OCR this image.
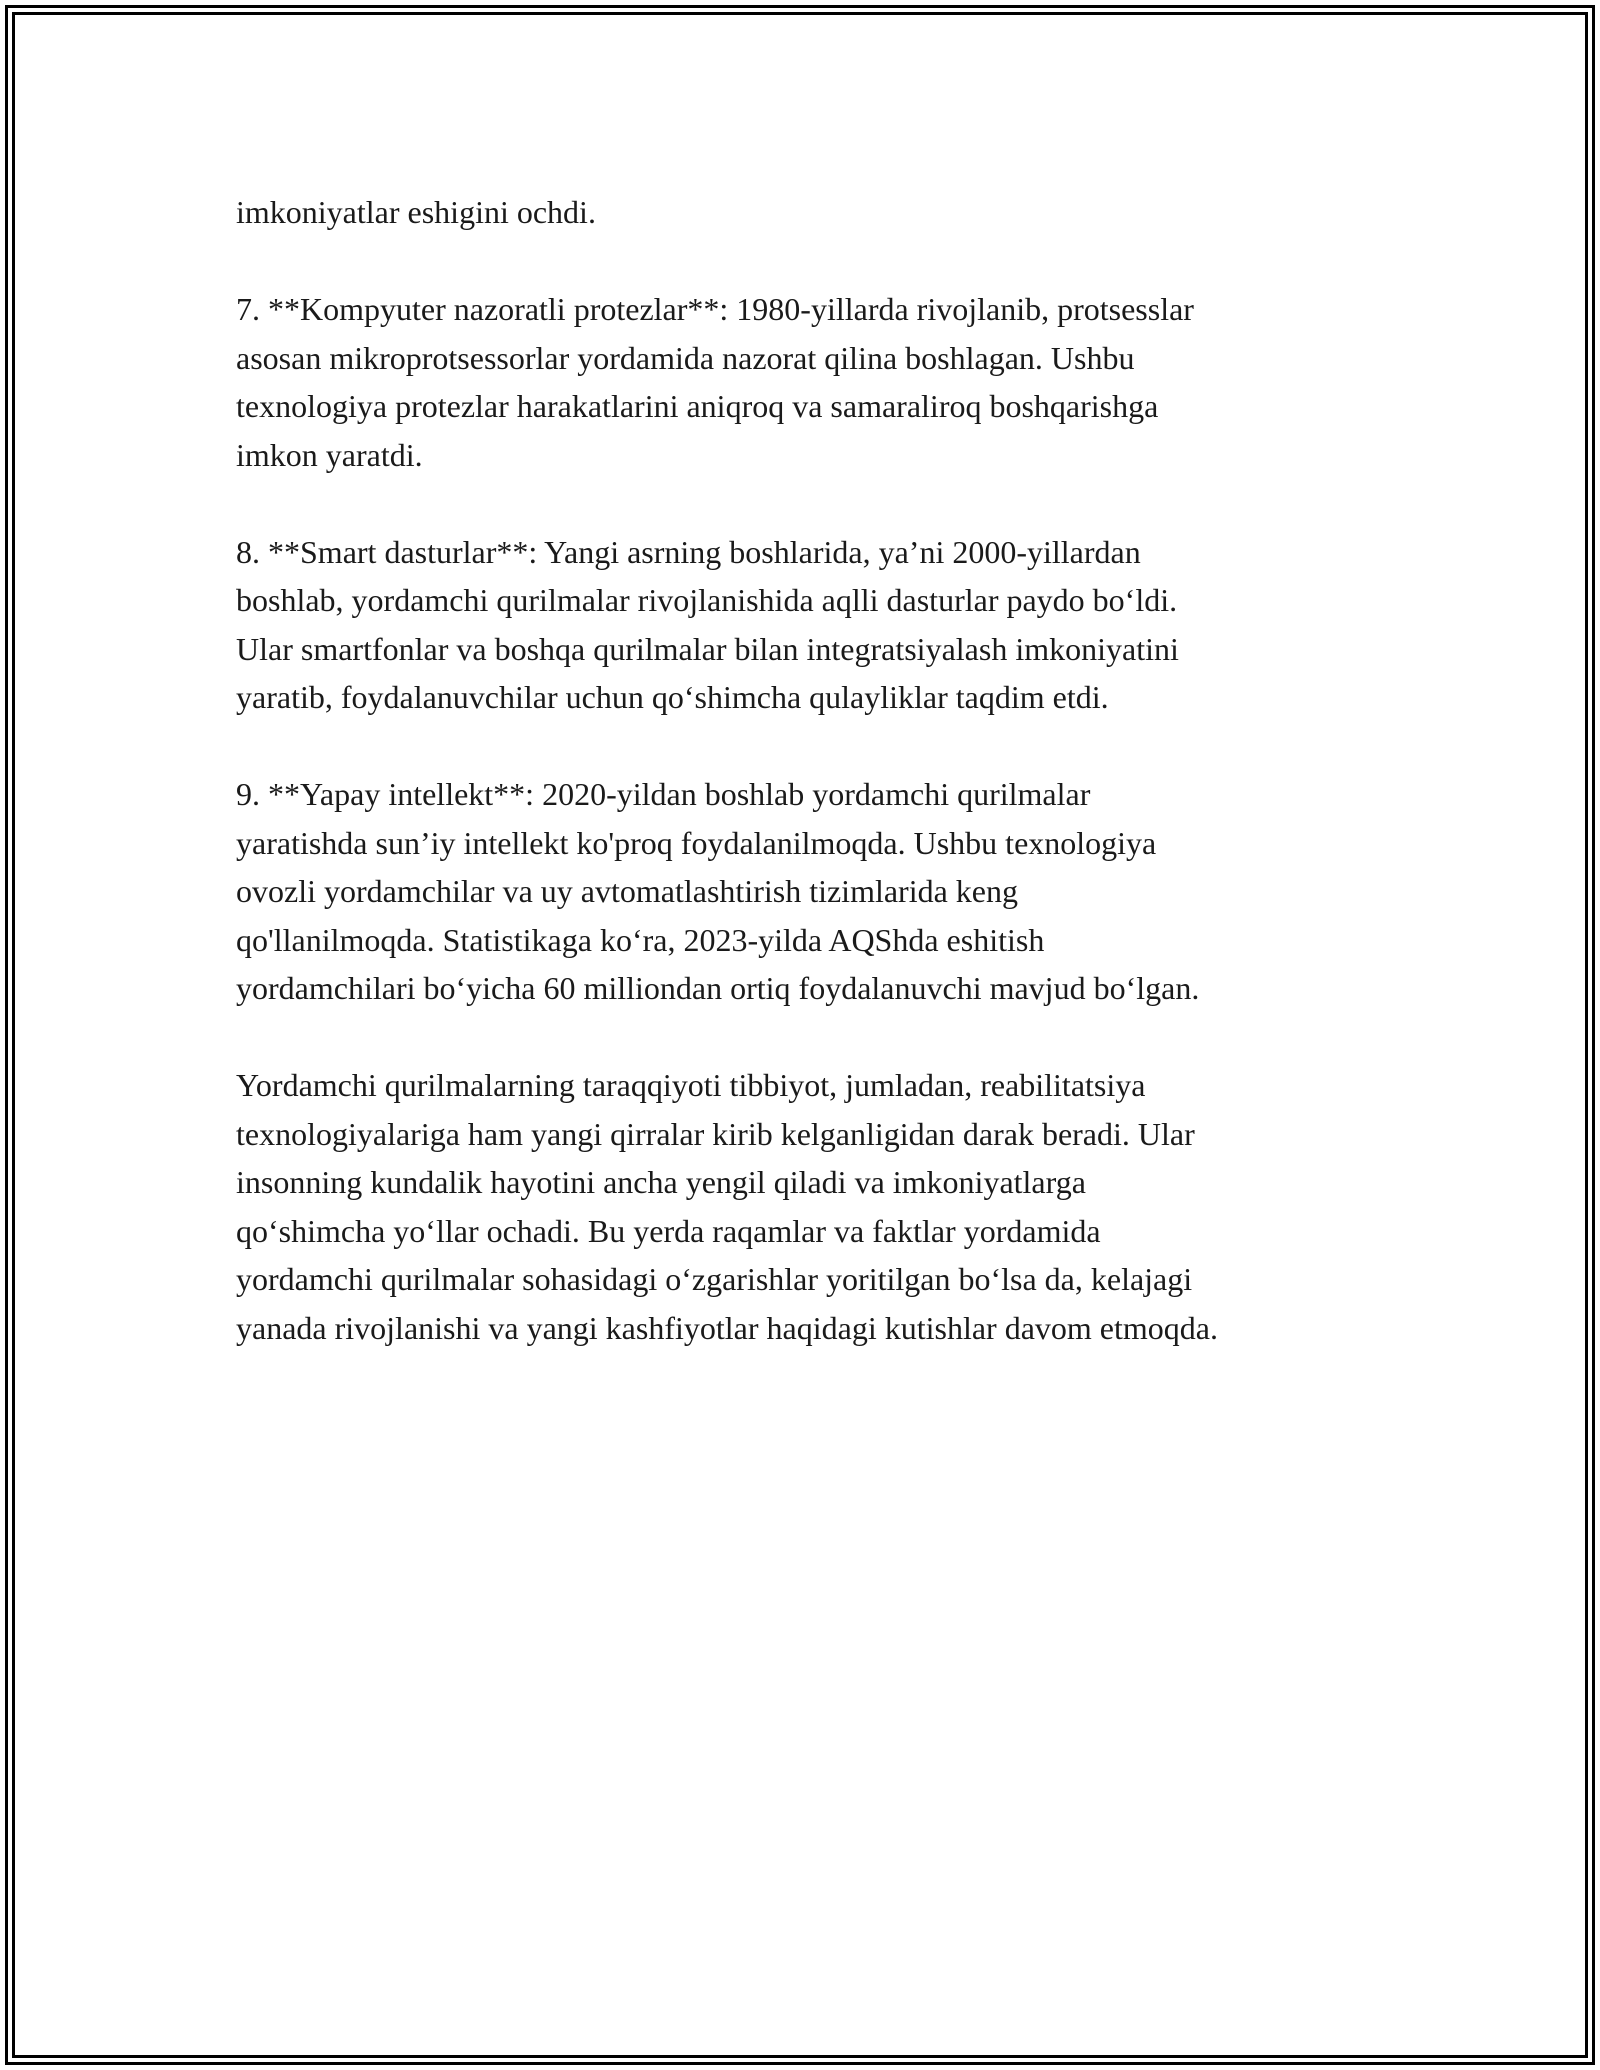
imkoniyatlar eshigini ochdi.

7. **Kompyuter nazoratli protezlar**: 1980-yillarda rivojlanib, protsesslar
asosan mikroprotsessorlar yordamida nazorat qilina boshlagan. Ushbu
texnologiya protezlar harakatlarini aniqroq va samaraliroq boshqarishga
imkon yaratdi.

8. **Smart dasturlar**: Yangi asrning boshlarida, ya’ni 2000-yillardan
boshlab, yordamchi qurilmalar rivojlanishida aqlli dasturlar paydo bo‘ldi.
Ular smartfonlar va boshqa qurilmalar bilan integratsiyalash imkoniyatini
yaratib, foydalanuvchilar uchun qo‘shimcha qulayliklar taqdim etdi.

9. **Yapay intellekt**: 2020-yildan boshlab yordamchi qurilmalar
yaratishda sun’iy intellekt ko'proq foydalanilmoqda. Ushbu texnologiya
ovozli yordamchilar va uy avtomatlashtirish tizimlarida keng
qo'llanilmoqda. Statistikaga ko‘ra, 2023-yilda AQShda eshitish
yordamchilari bo‘yicha 60 milliondan ortiq foydalanuvchi mavjud bo‘lgan.

Yordamchi qurilmalarning taraqqiyoti tibbiyot, jumladan, reabilitatsiya
texnologiyalariga ham yangi qirralar kirib kelganligidan darak beradi. Ular
insonning kundalik hayotini ancha yengil qiladi va imkoniyatlarga
qo‘shimcha yo‘llar ochadi. Bu yerda raqamlar va faktlar yordamida
yordamchi qurilmalar sohasidagi o‘zgarishlar yoritilgan bo‘lsa da, kelajagi
yanada rivojlanishi va yangi kashfiyotlar haqidagi kutishlar davom etmoqda.
